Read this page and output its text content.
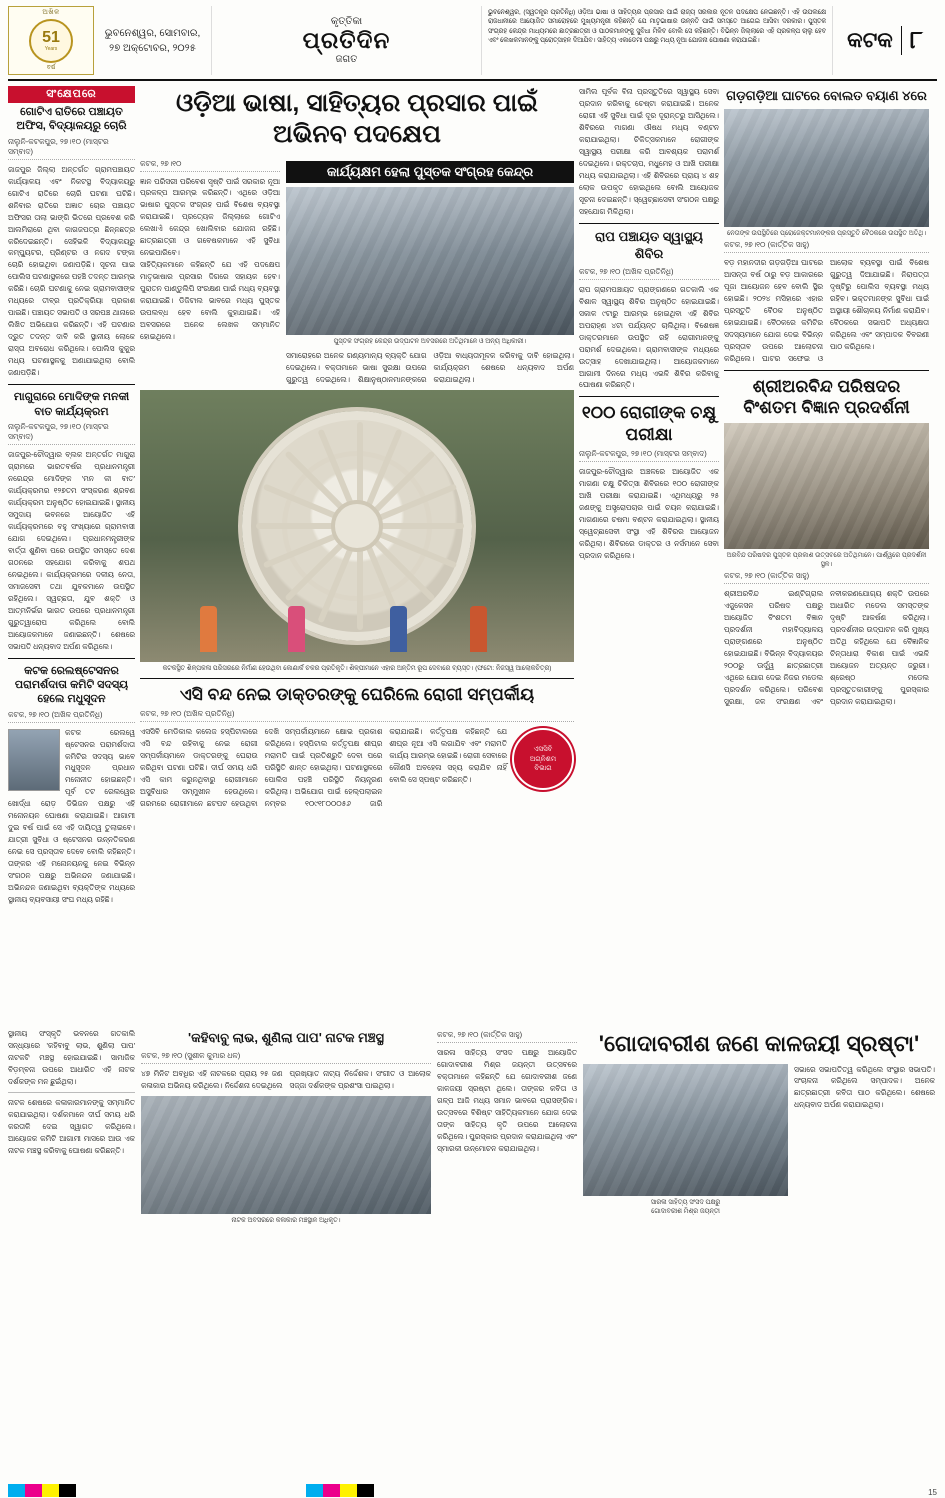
ଅଖିଳ
51
Years
ବର୍ଷ
ଭୁବନେଶ୍ୱର, ସୋମବାର,
୨୭ ଅକ୍ଟୋବର, ୨୦୨୫
କୃତ୍ତିକା
ପ୍ରତିଦିନ
ଜଗତ
ଭୁବନେଶ୍ୱର, (ସ୍ୱତନ୍ତ୍ର ପ୍ରତିନିଧି) ଓଡ଼ିଆ ଭାଷା ଓ ସାହିତ୍ୟର ପ୍ରସାର ପାଇଁ ରାଜ୍ୟ ସରକାର ନୂତନ ପଦକ୍ଷେପ ନେଇଛନ୍ତି। ଏହି ଉପଲକ୍ଷେ ରାଜଧାନୀରେ ଆୟୋଜିତ ସମାରୋହରେ ମୁଖ୍ୟମନ୍ତ୍ରୀ କହିଛନ୍ତି ଯେ ମାତୃଭାଷାର ଉନ୍ନତି ପାଇଁ ସମସ୍ତେ ଆଗେଇ ଆସିବା ଦରକାର। ପୁସ୍ତକ ସଂଗ୍ରହ କେନ୍ଦ୍ର ମାଧ୍ୟମରେ ଛାତ୍ରଛାତ୍ରୀ ଓ ପାଠକମାନଙ୍କୁ ସୁବିଧା ମିଳିବ ବୋଲି ସେ କହିଛନ୍ତି। ବିଭିନ୍ନ ଜିଲ୍ଲାରେ ଏହି ପ୍ରକଳ୍ପ ଚାଲୁ ହେବ ଏବଂ ଲେଖକମାନଙ୍କୁ ପ୍ରୋତ୍ସାହନ ଦିଆଯିବ। ସାହିତ୍ୟ ଏକାଡେମୀ ପକ୍ଷରୁ ମଧ୍ୟ ନୂଆ ଯୋଜନା ଘୋଷଣା କରାଯାଇଛି।	କଟକ ୮
ସଂକ୍ଷେପରେ
ଗୋଟିଏ ରାତିରେ ପଞ୍ଚାୟତ ଅଫିସ, ବିଦ୍ୟାଳୟରୁ ଚୋରି
ନାଲୁନି-କଟକପୁର, ୨୭।୧୦ (ମାସ୍ଟର ସମ୍ବାଦ)
ଜାଜପୁର ଜିଲ୍ଲା ଅନ୍ତର୍ଗତ ଗ୍ରାମପଞ୍ଚାୟତ କାର୍ଯ୍ୟାଳୟ ଏବଂ ନିକଟସ୍ଥ ବିଦ୍ୟାଳୟରୁ ଗୋଟିଏ ରାତିରେ ଚୋରି ଘଟଣା ଘଟିଛି। ଶନିବାର ରାତିରେ ଅଜ୍ଞାତ ଚୋର ପଞ୍ଚାୟତ ଅଫିସର ତାଲା ଭାଙ୍ଗି ଭିତରେ ପ୍ରବେଶ କରି ଆଲମିରାରେ ଥିବା କାଗଜପତ୍ର ଛିନ୍ନଛତ୍ର କରିଦେଇଛନ୍ତି। ସେହିଭଳି ବିଦ୍ୟାଳୟରୁ କମ୍ପ୍ୟୁଟର, ପ୍ରିଣ୍ଟର ଓ ନଗଦ ଟଙ୍କା ଚୋରି ହୋଇଥିବା ଜଣାପଡ଼ିଛି। ସୂଚନା ପାଇ ପୋଲିସ ଘଟଣାସ୍ଥଳରେ ପହଞ୍ଚି ତଦନ୍ତ ଆରମ୍ଭ କରିଛି। ଚୋରି ଘଟଣାକୁ ନେଇ ଗ୍ରାମବାସୀଙ୍କ ମଧ୍ୟରେ ତୀବ୍ର ପ୍ରତିକ୍ରିୟା ପ୍ରକାଶ ପାଇଛି। ପଞ୍ଚାୟତ ସଭାପତି ଓ ସରପଞ୍ଚ ଥାନାରେ ଲିଖିତ ଅଭିଯୋଗ କରିଛନ୍ତି। ଏହି ଘଟଣାର ଦ୍ରୁତ ତଦନ୍ତ ଦାବି କରି ସ୍ଥାନୀୟ ଲୋକେ ରାସ୍ତା ଅବରୋଧ କରିଥିଲେ। ପୋଲିସ କୁକୁର ମଧ୍ୟ ଘଟଣାସ୍ଥଳକୁ ଅଣାଯାଇଥିଲା ବୋଲି ଜଣାପଡ଼ିଛି।
ମାଗୁରାରେ ମୋଦିଙ୍କ ମନକୀ ବାତ କାର୍ଯ୍ୟକ୍ରମ
ନାଲୁନି-କଟକପୁର, ୨୭।୧୦ (ମାସ୍ଟର ସମ୍ବାଦ)
ଜାଜପୁର-ଚୌଦ୍ୱାର ବ୍ଲକ ଅନ୍ତର୍ଗତ ମାଗୁରା ଗ୍ରାମରେ ଭାରତବର୍ଷର ପ୍ରଧାନମନ୍ତ୍ରୀ ନରେନ୍ଦ୍ର ମୋଦିଙ୍କ 'ମନ କୀ ବାତ' କାର୍ଯ୍ୟକ୍ରମର ୧୨୭ତମ ସଂସ୍କରଣ ଶ୍ରବଣ କାର୍ଯ୍ୟକ୍ରମ ଅନୁଷ୍ଠିତ ହୋଇଯାଇଛି। ସ୍ଥାନୀୟ ସମୁଦାୟ ଭବନରେ ଆୟୋଜିତ ଏହି କାର୍ଯ୍ୟକ୍ରମରେ ବହୁ ସଂଖ୍ୟାରେ ଗ୍ରାମବାସୀ ଯୋଗ ଦେଇଥିଲେ। ପ୍ରଧାନମନ୍ତ୍ରୀଙ୍କ ବାର୍ତ୍ତା ଶୁଣିବା ପରେ ଉପସ୍ଥିତ ସମସ୍ତେ ଦେଶ ଗଠନରେ ସହଯୋଗ କରିବାକୁ ଶପଥ ନେଇଥିଲେ। କାର୍ଯ୍ୟକ୍ରମରେ ଦଳୀୟ ନେତା, ସମାଜସେବୀ ତଥା ଯୁବକମାନେ ଉପସ୍ଥିତ ରହିଥିଲେ। ସ୍ୱଚ୍ଛତା, ଯୁବ ଶକ୍ତି ଓ ଆତ୍ମନିର୍ଭର ଭାରତ ଉପରେ ପ୍ରଧାନମନ୍ତ୍ରୀ ଗୁରୁତ୍ୱାରୋପ କରିଥିଲେ ବୋଲି ଆୟୋଜକମାନେ ଜଣାଇଛନ୍ତି। ଶେଷରେ ସଭାପତି ଧନ୍ୟବାଦ ଅର୍ପଣ କରିଥିଲେ।
କଟକ ରେଲଷ୍ଟେସନର ପରାମର୍ଶଦାତା କମିଟି ସଦସ୍ୟ ହେଲେ ମଧୁସୂଦନ
କଟକ, ୨୭।୧୦ (ଅଖିଳ ପ୍ରତିନିଧି)
କଟକ ରେଲୱେ ଷ୍ଟେସନର ପରାମର୍ଶଦାତା କମିଟିର ସଦସ୍ୟ ଭାବେ ମଧୁସୂଦନ ପ୍ରଧାନ ମନୋନୀତ ହୋଇଛନ୍ତି। ପୂର୍ବ ତଟ ରେଲୱେର ଖୋର୍ଦ୍ଧା ରୋଡ଼ ଡିଭିଜନ ପକ୍ଷରୁ ଏହି ମନୋନୟନ ଘୋଷଣା କରାଯାଇଛି। ଆଗାମୀ ଦୁଇ ବର୍ଷ ପାଇଁ ସେ ଏହି ଦାୟିତ୍ୱ ତୁଲାଇବେ। ଯାତ୍ରୀ ସୁବିଧା ଓ ଷ୍ଟେସନର ଉନ୍ନତିକରଣ ନେଇ ସେ ପ୍ରସ୍ତାବ ଦେବେ ବୋଲି କହିଛନ୍ତି। ତାଙ୍କର ଏହି ମନୋନୟନକୁ ନେଇ ବିଭିନ୍ନ ସଂଗଠନ ପକ୍ଷରୁ ଅଭିନନ୍ଦନ ଜଣାଯାଇଛି। ଅଭିନନ୍ଦନ ଜଣାଇଥିବା ବ୍ୟକ୍ତିଙ୍କ ମଧ୍ୟରେ ସ୍ଥାନୀୟ ବ୍ୟବସାୟୀ ସଂଘ ମଧ୍ୟ ରହିଛି।
ଓଡ଼ିଆ ଭାଷା, ସାହିତ୍ୟର ପ୍ରସାର ପାଇଁ ଅଭିନବ ପଦକ୍ଷେପ
କଟକ, ୨୭।୧୦
ଜ୍ଞାନ ପରିସରୀ ପରିବେଶ ସୃଷ୍ଟି ପାଇଁ ସରକାର ନୂଆ ପ୍ରକଳ୍ପ ଆରମ୍ଭ କରିଛନ୍ତି। ଏଥିରେ ଓଡ଼ିଆ ଭାଷାର ପୁସ୍ତକ ସଂଗ୍ରହ ପାଇଁ ବିଶେଷ ବ୍ୟବସ୍ଥା କରାଯାଇଛି। ପ୍ରତ୍ୟେକ ଜିଲ୍ଲାରେ ଗୋଟିଏ ଲେଖାଏଁ କେନ୍ଦ୍ର ଖୋଲିବାର ଯୋଜନା ରହିଛି। ଛାତ୍ରଛାତ୍ରୀ ଓ ଗବେଷକମାନେ ଏହି ସୁବିଧା ନେଇପାରିବେ।
ସାହିତ୍ୟିକମାନେ କହିଛନ୍ତି ଯେ ଏହି ପଦକ୍ଷେପ ମାତୃଭାଷାର ପ୍ରସାର ଦିଗରେ ସହାୟକ ହେବ। ପୁରାତନ ପାଣ୍ଡୁଲିପି ସଂରକ୍ଷଣ ପାଇଁ ମଧ୍ୟ ବ୍ୟବସ୍ଥା କରାଯାଇଛି। ଡିଜିଟାଲ ଭାବରେ ମଧ୍ୟ ପୁସ୍ତକ ଉପଲବ୍ଧ ହେବ ବୋଲି କୁହାଯାଇଛି। ଏହି ଅବସରରେ ଅନେକ ଲେଖକ ସମ୍ମାନିତ ହୋଇଥିଲେ।
କାର୍ଯ୍ୟକ୍ଷମ ହେଲା ପୁସ୍ତକ ସଂଗ୍ରହ କେନ୍ଦ୍ର
ପୁସ୍ତକ ସଂଗ୍ରହ କେନ୍ଦ୍ର ଉଦ୍‌ଘାଟନ ଅବସରରେ ଅତିଥିମାନେ ଓ ଅନ୍ୟ ଅଧିକାରୀ।
ସମାରୋହରେ ଅନେକ ଗଣ୍ୟମାନ୍ୟ ବ୍ୟକ୍ତି ଯୋଗ ଦେଇଥିଲେ। ବକ୍ତାମାନେ ଭାଷା ସୁରକ୍ଷା ଉପରେ ଗୁରୁତ୍ୱ ଦେଇଥିଲେ। ଶିକ୍ଷାନୁଷ୍ଠାନମାନଙ୍କରେ ଓଡ଼ିଆ ବାଧ୍ୟତାମୂଳକ କରିବାକୁ ଦାବି ହୋଇଥିଲା। କାର୍ଯ୍ୟକ୍ରମ ଶେଷରେ ଧନ୍ୟବାଦ ଅର୍ପଣ କରାଯାଇଥିଲା।
କଟକସ୍ଥିତ ଶିଳ୍ପକଳା ପରିସରରେ ନିର୍ମାଣ ହେଉଥିବା କୋଣାର୍କ ଚକର ପ୍ରତିକୃତି। ଶିଳ୍ପୀମାନେ ଏହାର ଅନ୍ତିମ ରୂପ ଦେବାରେ ବ୍ୟସ୍ତ। (ଫଟୋ: ନିଜସ୍ୱ ଆଲୋକଚିତ୍ର)
ଏସି ବନ୍ଦ ନେଇ ଡାକ୍ତରଙ୍କୁ ଘେରିଲେ ରୋଗୀ ସମ୍ପର୍କୀୟ
କଟକ, ୨୭।୧୦ (ଅଖିଳ ପ୍ରତିନିଧି)
ଏସସିବି
ଅଗ୍ନିଶମ
ବିଭାଗ
ଏସସିବି ମେଡିକାଲ କଲେଜ ହସ୍ପିଟାଲରେ ଏସି ବନ୍ଦ ରହିବାକୁ ନେଇ ରୋଗୀ ସମ୍ପର୍କୀୟମାନେ ଡାକ୍ତରଙ୍କୁ ଘେରାଉ କରିଥିବା ଘଟଣା ଘଟିଛି। ଦୀର୍ଘ ସମୟ ଧରି ଏସି କାମ କରୁନଥିବାରୁ ରୋଗୀମାନେ ଅସୁବିଧାର ସମ୍ମୁଖୀନ ହେଉଥିଲେ। ଗରମରେ ରୋଗୀମାନେ ଛଟପଟ ହେଉଥିବା ଦେଖି ସମ୍ପର୍କୀୟମାନେ କ୍ଷୋଭ ପ୍ରକାଶ କରିଥିଲେ। ହସ୍ପିଟାଲ କର୍ତ୍ତୃପକ୍ଷ ଶୀଘ୍ର ମରାମତି ପାଇଁ ପ୍ରତିଶ୍ରୁତି ଦେବା ପରେ ପରିସ୍ଥିତି ଶାନ୍ତ ହୋଇଥିଲା। ଘଟଣାସ୍ଥଳରେ ପୋଲିସ ପହଞ୍ଚି ପରିସ୍ଥିତି ନିୟନ୍ତ୍ରଣ କରିଥିଲା। ଅଭିଯୋଗ ପାଇଁ ହେଲ୍ପଲାଇନ ନମ୍ବର ୧୦୯୧୮୦୦୦୫୬ ଜାରି କରାଯାଇଛି। କର୍ତ୍ତୃପକ୍ଷ କହିଛନ୍ତି ଯେ ଶୀଘ୍ର ନୂଆ ଏସି ଲଗାଯିବ ଏବଂ ମରାମତି କାର୍ଯ୍ୟ ଆରମ୍ଭ ହୋଇଛି। ରୋଗୀ ସେବାରେ କୌଣସି ଅବହେଳା ସହ୍ୟ କରାଯିବ ନାହିଁ ବୋଲି ସେ ସ୍ପଷ୍ଟ କରିଛନ୍ତି।
ସାମିଲ ପୂର୍ବକ ବିନା ପ୍ରସ୍ତୁତିରେ ସ୍ୱାସ୍ଥ୍ୟ ସେବା ପ୍ରଦାନ କରିବାକୁ ଚେଷ୍ଟା କରାଯାଇଛି। ଅନେକ ରୋଗୀ ଏହି ସୁବିଧା ପାଇଁ ଦୂର ଦୂରାନ୍ତରୁ ଆସିଥିଲେ। ଶିବିରରେ ମାଗଣା ଔଷଧ ମଧ୍ୟ ବଣ୍ଟନ କରାଯାଇଥିଲା। ଚିକିତ୍ସକମାନେ ରୋଗୀଙ୍କ ସ୍ୱାସ୍ଥ୍ୟ ପରୀକ୍ଷା କରି ଆବଶ୍ୟକ ପରାମର୍ଶ ଦେଇଥିଲେ। ରକ୍ତଚାପ, ମଧୁମେହ ଓ ଆଖି ପରୀକ୍ଷା ମଧ୍ୟ କରାଯାଇଥିଲା। ଏହି ଶିବିରରେ ପ୍ରାୟ ୪ ଶହ ଲୋକ ଉପକୃତ ହୋଇଥିଲେ ବୋଲି ଆୟୋଜକ ସୂଚନା ଦେଇଛନ୍ତି। ସ୍ୱେଚ୍ଛାସେବୀ ସଂଗଠନ ପକ୍ଷରୁ ସହଯୋଗ ମିଳିଥିଲା।
ରାପ ପଞ୍ଚାୟତ ସ୍ୱାସ୍ଥ୍ୟ ଶିବିର
କଟକ, ୨୭।୧୦ (ଅଖିଳ ପ୍ରତିନିଧି)
ରାପ ଗ୍ରାମପଞ୍ଚାୟତ ପ୍ରାଙ୍ଗଣରେ ଗତକାଲି ଏକ ବିଶାଳ ସ୍ୱାସ୍ଥ୍ୟ ଶିବିର ଅନୁଷ୍ଠିତ ହୋଇଯାଇଛି। ସକାଳ ୯ଟାରୁ ଆରମ୍ଭ ହୋଇଥିବା ଏହି ଶିବିର ଅପରାହ୍ଣ ୪ଟା ପର୍ଯ୍ୟନ୍ତ ଚାଲିଥିଲା। ବିଶେଷଜ୍ଞ ଡାକ୍ତରମାନେ ଉପସ୍ଥିତ ରହି ରୋଗୀମାନଙ୍କୁ ପରାମର୍ଶ ଦେଇଥିଲେ। ଗ୍ରାମବାସୀଙ୍କ ମଧ୍ୟରେ ଉତ୍ସାହ ଦେଖାଯାଇଥିଲା। ଆୟୋଜକମାନେ ଆଗାମୀ ଦିନରେ ମଧ୍ୟ ଏଭଳି ଶିବିର କରିବାକୁ ଘୋଷଣା କରିଛନ୍ତି।
୧୦୦ ରୋଗୀଙ୍କ ଚକ୍ଷୁ ପରୀକ୍ଷା
ନାଲୁନି-କଟକପୁର, ୨୭।୧୦ (ମାସ୍ଟର ସମ୍ବାଦ)
ଜାଜପୁର-ଚୌଦ୍ୱାର ଅଞ୍ଚଳରେ ଆୟୋଜିତ ଏକ ମାଗଣା ଚକ୍ଷୁ ଚିକିତ୍ସା ଶିବିରରେ ୧୦୦ ରୋଗୀଙ୍କ ଆଖି ପରୀକ୍ଷା କରାଯାଇଛି। ଏଥିମଧ୍ୟରୁ ୨୫ ଜଣଙ୍କୁ ଅସ୍ତ୍ରୋପଚାର ପାଇଁ ଚୟନ କରାଯାଇଛି। ମାଗଣାରେ ଚଷମା ବଣ୍ଟନ କରାଯାଇଥିଲା। ସ୍ଥାନୀୟ ସ୍ୱେଚ୍ଛାସେବୀ ସଂସ୍ଥା ଏହି ଶିବିରର ଆୟୋଜନ କରିଥିଲା। ଶିବିରରେ ଡାକ୍ତର ଓ ନର୍ସମାନେ ସେବା ପ୍ରଦାନ କରିଥିଲେ।
ଗଡ଼ଗଡ଼ିଆ ଘାଟରେ ବୋଲତ ବୟାଣ ୪ରେ
ନେତାଙ୍କ ଉପସ୍ଥିତିରେ ପ୍ରୋଜେକ୍ଟମାନଙ୍କର ପ୍ରସ୍ତୁତି ବୈଠକରେ ଉପସ୍ଥିତ ଅତିଥି।
କଟକ, ୨୭।୧୦ (କାର୍ତ୍ତିକ ସାହୁ)
ବଡ଼ ମହାନଦୀର ଗଡ଼ଗଡ଼ିଆ ଘାଟରେ ଆସନ୍ତା ବର୍ଷ ଠାରୁ ବଡ଼ ଆକାରରେ ପୂଜା ଆୟୋଜନ ହେବ ବୋଲି ସ୍ଥିର ହୋଇଛି। ୨୦୨୪ ମସିହାରେ ଏହାର ପ୍ରସ୍ତୁତି ବୈଠକ ଅନୁଷ୍ଠିତ ହୋଇଯାଇଛି। ବୈଠକରେ କମିଟିର ସଦସ୍ୟମାନେ ଯୋଗ ଦେଇ ବିଭିନ୍ନ ପ୍ରସ୍ତାବ ଉପରେ ଆଲୋଚନା କରିଥିଲେ। ଘାଟର ସଫେଇ ଓ ଆଲୋକ ବ୍ୟବସ୍ଥା ପାଇଁ ବିଶେଷ ଗୁରୁତ୍ୱ ଦିଆଯାଇଛି। ନିରାପତ୍ତା ଦୃଷ୍ଟିରୁ ପୋଲିସ ବ୍ୟବସ୍ଥା ମଧ୍ୟ ରହିବ। ଭକ୍ତମାନଙ୍କ ସୁବିଧା ପାଇଁ ଅସ୍ଥାୟୀ ଶୌଚାଳୟ ନିର୍ମାଣ କରାଯିବ। ବୈଠକରେ ସଭାପତି ଅଧ୍ୟକ୍ଷତା କରିଥିଲେ ଏବଂ ସମ୍ପାଦକ ବିବରଣୀ ପାଠ କରିଥିଲେ।
ଶ୍ରୀଅରବିନ୍ଦ ପରିଷଦର ବିଂଶତମ ବିଜ୍ଞାନ ପ୍ରଦର୍ଶନୀ
ଅରବିନ୍ଦ ପରିଷଦର ପୁସ୍ତକ ପ୍ରକାଶ ଉତ୍ସବରେ ଅତିଥିମାନେ। ପାର୍ଶ୍ୱରେ ପ୍ରଦର୍ଶନୀ ସ୍ଥଳ।
କଟକ, ୨୭।୧୦ (କାର୍ତ୍ତିକ ସାହୁ)
ଶ୍ରୀଅରବିନ୍ଦ ଇଣ୍ଟିଗ୍ରାଲ ଏଜୁକେସନ ପରିଷଦ ପକ୍ଷରୁ ଆୟୋଜିତ ବିଂଶତମ ବିଜ୍ଞାନ ପ୍ରଦର୍ଶନୀ ମହାବିଦ୍ୟାଳୟ ପ୍ରାଙ୍ଗଣରେ ଅନୁଷ୍ଠିତ ହୋଇଯାଇଛି। ବିଭିନ୍ନ ବିଦ୍ୟାଳୟର ୨୦୦ରୁ ଊର୍ଦ୍ଧ୍ୱ ଛାତ୍ରଛାତ୍ରୀ ଏଥିରେ ଯୋଗ ଦେଇ ନିଜର ମଡେଲ ପ୍ରଦର୍ଶନ କରିଥିଲେ। ପରିବେଶ ସୁରକ୍ଷା, ଜଳ ସଂରକ୍ଷଣ ଏବଂ ନବୀକରଣଯୋଗ୍ୟ ଶକ୍ତି ଉପରେ ଆଧାରିତ ମଡେଲ ସମସ୍ତଙ୍କ ଦୃଷ୍ଟି ଆକର୍ଷଣ କରିଥିଲା। ପ୍ରଦର୍ଶନୀର ଉଦ୍‌ଘାଟନ କରି ମୁଖ୍ୟ ଅତିଥି କହିଥିଲେ ଯେ ବୈଜ୍ଞାନିକ ଚିନ୍ତାଧାରା ବିକାଶ ପାଇଁ ଏଭଳି ଆୟୋଜନ ଅତ୍ୟନ୍ତ ଜରୁରୀ। ଶ୍ରେଷ୍ଠ ମଡେଲ ପ୍ରସ୍ତୁତକାରୀଙ୍କୁ ପୁରସ୍କାର ପ୍ରଦାନ କରାଯାଇଥିଲା।
ସ୍ଥାନୀୟ ସଂସ୍କୃତି ଭବନରେ ଗତକାଲି ସନ୍ଧ୍ୟାରେ 'କହିବାବୁ ଲାଭ, ଶୁଣିଲା ପାପ' ନାଟକଟି ମଞ୍ଚସ୍ଥ ହୋଇଯାଇଛି। ସାମାଜିକ ବିଡ଼ମ୍ବନା ଉପରେ ଆଧାରିତ ଏହି ନାଟକ ଦର୍ଶକଙ୍କ ମନ ଛୁଇଁଥିଲା।
ନାଟକ ଶେଷରେ କଳାକାରମାନଙ୍କୁ ସମ୍ମାନିତ କରାଯାଇଥିଲା। ଦର୍ଶକମାନେ ଦୀର୍ଘ ସମୟ ଧରି କରତାଳି ଦେଇ ସ୍ୱାଗତ କରିଥିଲେ। ଆୟୋଜକ କମିଟି ଆଗାମୀ ମାସରେ ଆଉ ଏକ ନାଟକ ମଞ୍ଚସ୍ଥ କରିବାକୁ ଘୋଷଣା କରିଛନ୍ତି।
'କହିବାବୁ ଲାଭ, ଶୁଣିଲା ପାପ' ନାଟକ ମଞ୍ଚସ୍ଥ
କଟକ, ୨୭।୧୦ (ସୁଶୀଳ କୁମାର ଧଳ)
୪୭ ମିନିଟ ଅବଧିର ଏହି ନାଟକରେ ପ୍ରାୟ ୨୫ ଜଣ କଳାକାର ଅଭିନୟ କରିଥିଲେ। ନିର୍ଦ୍ଦେଶନା ଦେଇଥିଲେ ପ୍ରଖ୍ୟାତ ନାଟ୍ୟ ନିର୍ଦ୍ଦେଶକ। ସଂଗୀତ ଓ ଆଲୋକ ସଜ୍ଜା ଦର୍ଶକଙ୍କ ପ୍ରଶଂସା ପାଇଥିଲା।
ନାଟକ ଅବସରରେ କଳାକାର ମଞ୍ଚସ୍ଥାନ ଅଧିକୃତ।
କଟକ, ୨୭।୧୦ (କାର୍ତ୍ତିକ ସାହୁ)
ସାରଳା ସାହିତ୍ୟ ସଂସଦ ପକ୍ଷରୁ ଆୟୋଜିତ ଗୋଦାବରୀଶ ମିଶ୍ର ଜୟନ୍ତୀ ଉତ୍ସବରେ ବକ୍ତାମାନେ କହିଛନ୍ତି ଯେ ଗୋଦାବରୀଶ ଜଣେ କାଳଜୟୀ ସ୍ରଷ୍ଟା ଥିଲେ। ତାଙ୍କର କବିତା ଓ ଗଳ୍ପ ଆଜି ମଧ୍ୟ ସମାନ ଭାବରେ ପ୍ରାସଙ୍ଗିକ। ଉତ୍ସବରେ ବିଶିଷ୍ଟ ସାହିତ୍ୟିକମାନେ ଯୋଗ ଦେଇ ତାଙ୍କ ସାହିତ୍ୟ କୃତି ଉପରେ ଆଲୋଚନା କରିଥିଲେ। ପୁରସ୍କାର ପ୍ରଦାନ କରାଯାଇଥିଲା ଏବଂ ସ୍ମାରକୀ ଉନ୍ମୋଚନ କରାଯାଇଥିଲା।
'ଗୋଦାବରୀଶ ଜଣେ କାଳଜୟୀ ସ୍ରଷ୍ଟା'
ସାରଳା ସାହିତ୍ୟ ସଂସଦ ପକ୍ଷରୁ
ଗୋଦାବରୀଶ ମିଶ୍ର ଜୟନ୍ତୀ
ସଭାରେ ସଭାପତିତ୍ୱ କରିଥିଲେ ସଂସ୍ଥାର ସଭାପତି। ସଂଚାଳନା କରିଥିଲେ ସମ୍ପାଦକ। ଅନେକ ଛାତ୍ରଛାତ୍ରୀ କବିତା ପାଠ କରିଥିଲେ। ଶେଷରେ ଧନ୍ୟବାଦ ଅର୍ପଣ କରାଯାଇଥିଲା।
15
